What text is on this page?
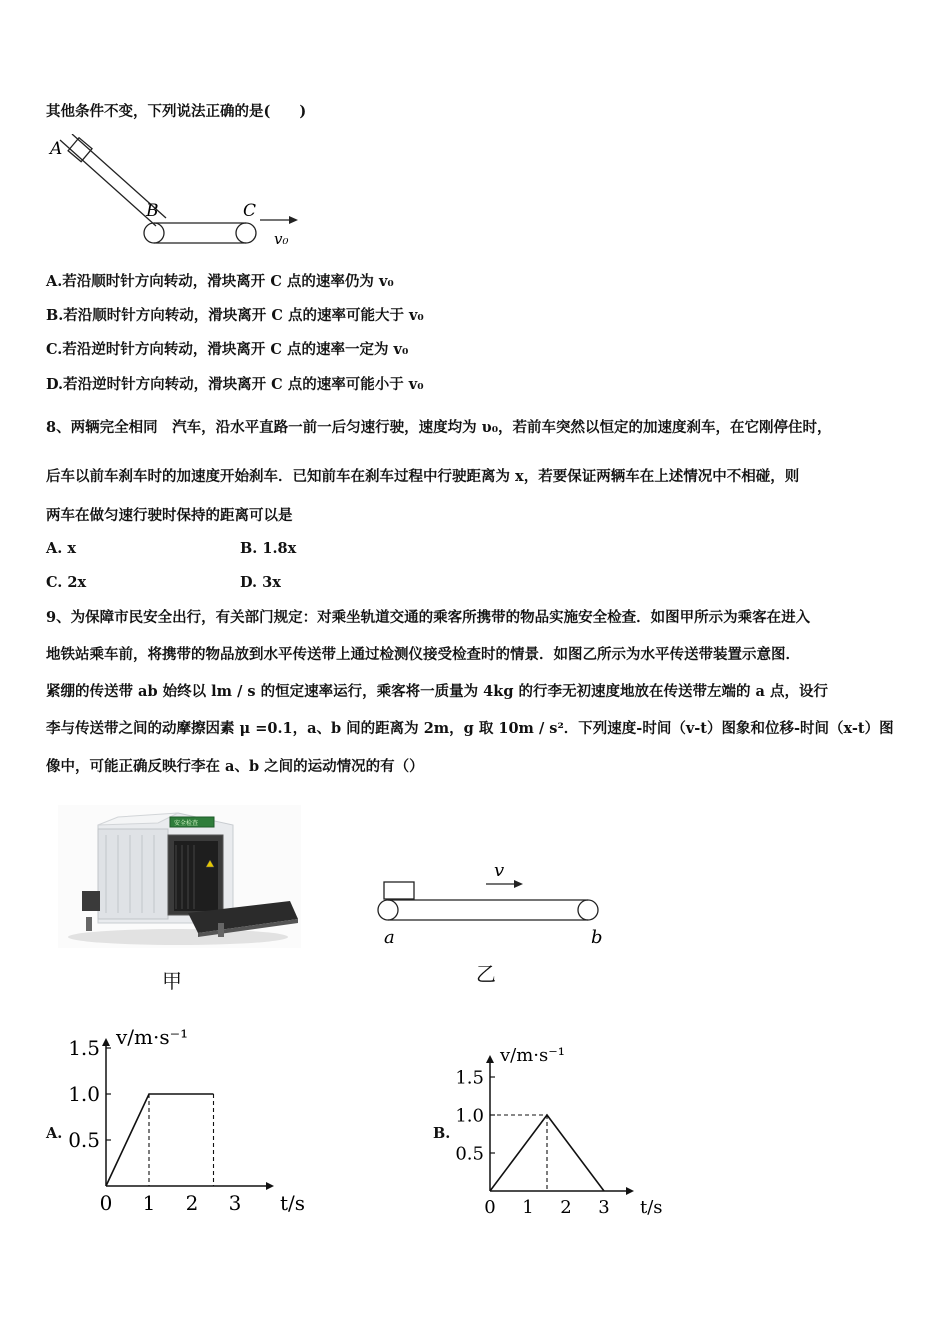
其他条件不变，下列说法正确的是(　　)
A
B	C
v₀
A.若沿顺时针方向转动，滑块离开 C 点的速率仍为 v₀
B.若沿顺时针方向转动，滑块离开 C 点的速率可能大于 v₀
C.若沿逆时针方向转动，滑块离开 C 点的速率一定为 v₀
D.若沿逆时针方向转动，滑块离开 C 点的速率可能小于 v₀
8、两辆完全相同　汽车，沿水平直路一前一后匀速行驶，速度均为 υ₀，若前车突然以恒定的加速度刹车，在它刚停住时，
后车以前车刹车时的加速度开始刹车．已知前车在刹车过程中行驶距离为 x，若要保证两辆车在上述情况中不相碰，则
两车在做匀速行驶时保持的距离可以是
A. x	B. 1.8x
C. 2x	D. 3x
9、为保障市民安全出行，有关部门规定：对乘坐轨道交通的乘客所携带的物品实施安全检查．如图甲所示为乘客在进入
地铁站乘车前，将携带的物品放到水平传送带上通过检测仪接受检查时的情景．如图乙所示为水平传送带装置示意图．
紧绷的传送带 ab 始终以 lm / s 的恒定速率运行，乘客将一质量为 4kg 的行李无初速度地放在传送带左端的 a 点，设行
李与传送带之间的动摩擦因素 μ =0.1，a、b 间的距离为 2m，g 取 10m / s²．下列速度-时间（v-t）图象和位移-时间（x-t）图
像中，可能正确反映行李在 a、b 之间的运动情况的有（）
安全检查
甲
v
a	b
乙
A.
1.5
1.0
0.5
0 1 2 3
v/m·s⁻¹
t/s
B.
1.5
1.0
0.5
0 1 2 3
v/m·s⁻¹
t/s
